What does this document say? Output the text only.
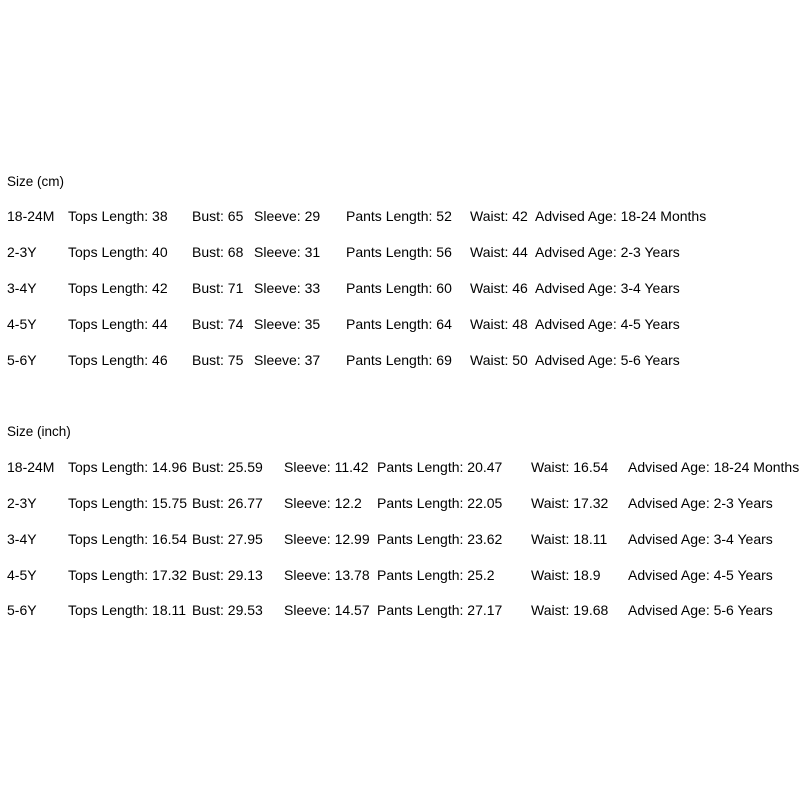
Size (cm)
18-24M Tops Length: 38 Bust: 65 Sleeve: 29 Pants Length: 52 Waist: 42 Advised Age: 18-24 Months
2-3Y Tops Length: 40 Bust: 68 Sleeve: 31 Pants Length: 56 Waist: 44 Advised Age: 2-3 Years
3-4Y Tops Length: 42 Bust: 71 Sleeve: 33 Pants Length: 60 Waist: 46 Advised Age: 3-4 Years
4-5Y Tops Length: 44 Bust: 74 Sleeve: 35 Pants Length: 64 Waist: 48 Advised Age: 4-5 Years
5-6Y Tops Length: 46 Bust: 75 Sleeve: 37 Pants Length: 69 Waist: 50 Advised Age: 5-6 Years
Size (inch)
18-24M Tops Length: 14.96 Bust: 25.59 Sleeve: 11.42 Pants Length: 20.47 Waist: 16.54 Advised Age: 18-24 Months
2-3Y Tops Length: 15.75 Bust: 26.77 Sleeve: 12.2 Pants Length: 22.05 Waist: 17.32 Advised Age: 2-3 Years
3-4Y Tops Length: 16.54 Bust: 27.95 Sleeve: 12.99 Pants Length: 23.62 Waist: 18.11 Advised Age: 3-4 Years
4-5Y Tops Length: 17.32 Bust: 29.13 Sleeve: 13.78 Pants Length: 25.2	Waist: 18.9 Advised Age: 4-5 Years
5-6Y Tops Length: 18.11 Bust: 29.53 Sleeve: 14.57 Pants Length: 27.17 Waist: 19.68 Advised Age: 5-6 Years
